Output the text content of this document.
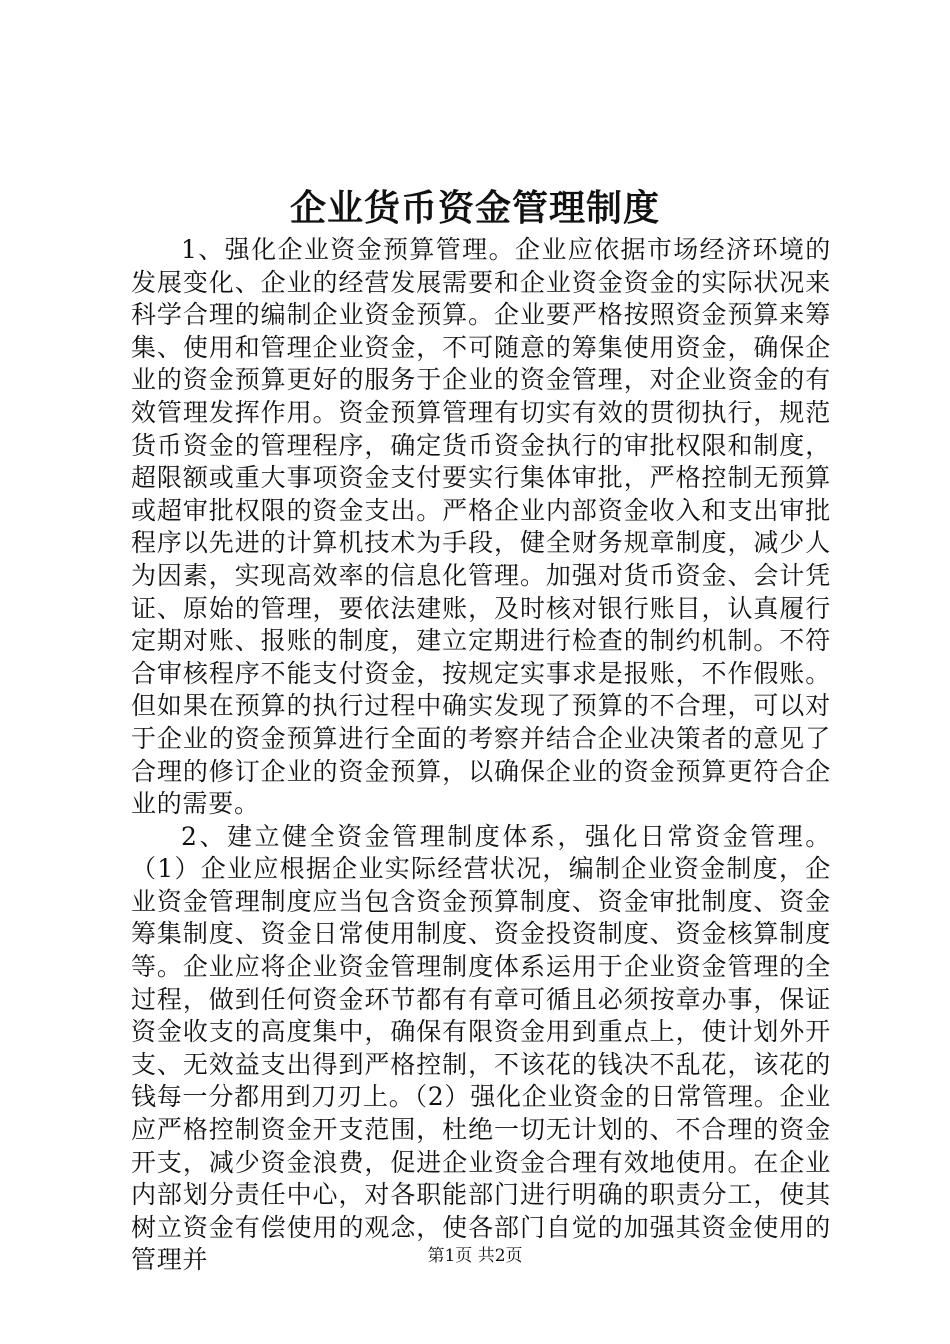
企业货币资金管理制度

1、强化企业资金预算管理。企业应依据市场经济环境的发展变化、企业的经营发展需要和企业资金资金的实际状况来科学合理的编制企业资金预算。企业要严格按照资金预算来筹集、使用和管理企业资金，不可随意的筹集使用资金，确保企业的资金预算更好的服务于企业的资金管理，对企业资金的有效管理发挥作用。资金预算管理有切实有效的贯彻执行，规范货币资金的管理程序，确定货币资金执行的审批权限和制度，超限额或重大事项资金支付要实行集体审批，严格控制无预算或超审批权限的资金支出。严格企业内部资金收入和支出审批程序以先进的计算机技术为手段，健全财务规章制度，减少人为因素，实现高效率的信息化管理。加强对货币资金、会计凭证、原始的管理，要依法建账，及时核对银行账目，认真履行定期对账、报账的制度，建立定期进行检查的制约机制。不符合审核程序不能支付资金，按规定实事求是报账，不作假账。但如果在预算的执行过程中确实发现了预算的不合理，可以对于企业的资金预算进行全面的考察并结合企业决策者的意见了合理的修订企业的资金预算，以确保企业的资金预算更符合企业的需要。

2、建立健全资金管理制度体系，强化日常资金管理。（1）企业应根据企业实际经营状况，编制企业资金制度，企业资金管理制度应当包含资金预算制度、资金审批制度、资金筹集制度、资金日常使用制度、资金投资制度、资金核算制度等。企业应将企业资金管理制度体系运用于企业资金管理的全过程，做到任何资金环节都有有章可循且必须按章办事，保证资金收支的高度集中，确保有限资金用到重点上，使计划外开支、无效益支出得到严格控制，不该花的钱决不乱花，该花的钱每一分都用到刀刃上。（2）强化企业资金的日常管理。企业应严格控制资金开支范围，杜绝一切无计划的、不合理的资金开支，减少资金浪费，促进企业资金合理有效地使用。在企业内部划分责任中心，对各职能部门进行明确的职责分工，使其树立资金有偿使用的观念，使各部门自觉的加强其资金使用的管理并	第1页 共2页
